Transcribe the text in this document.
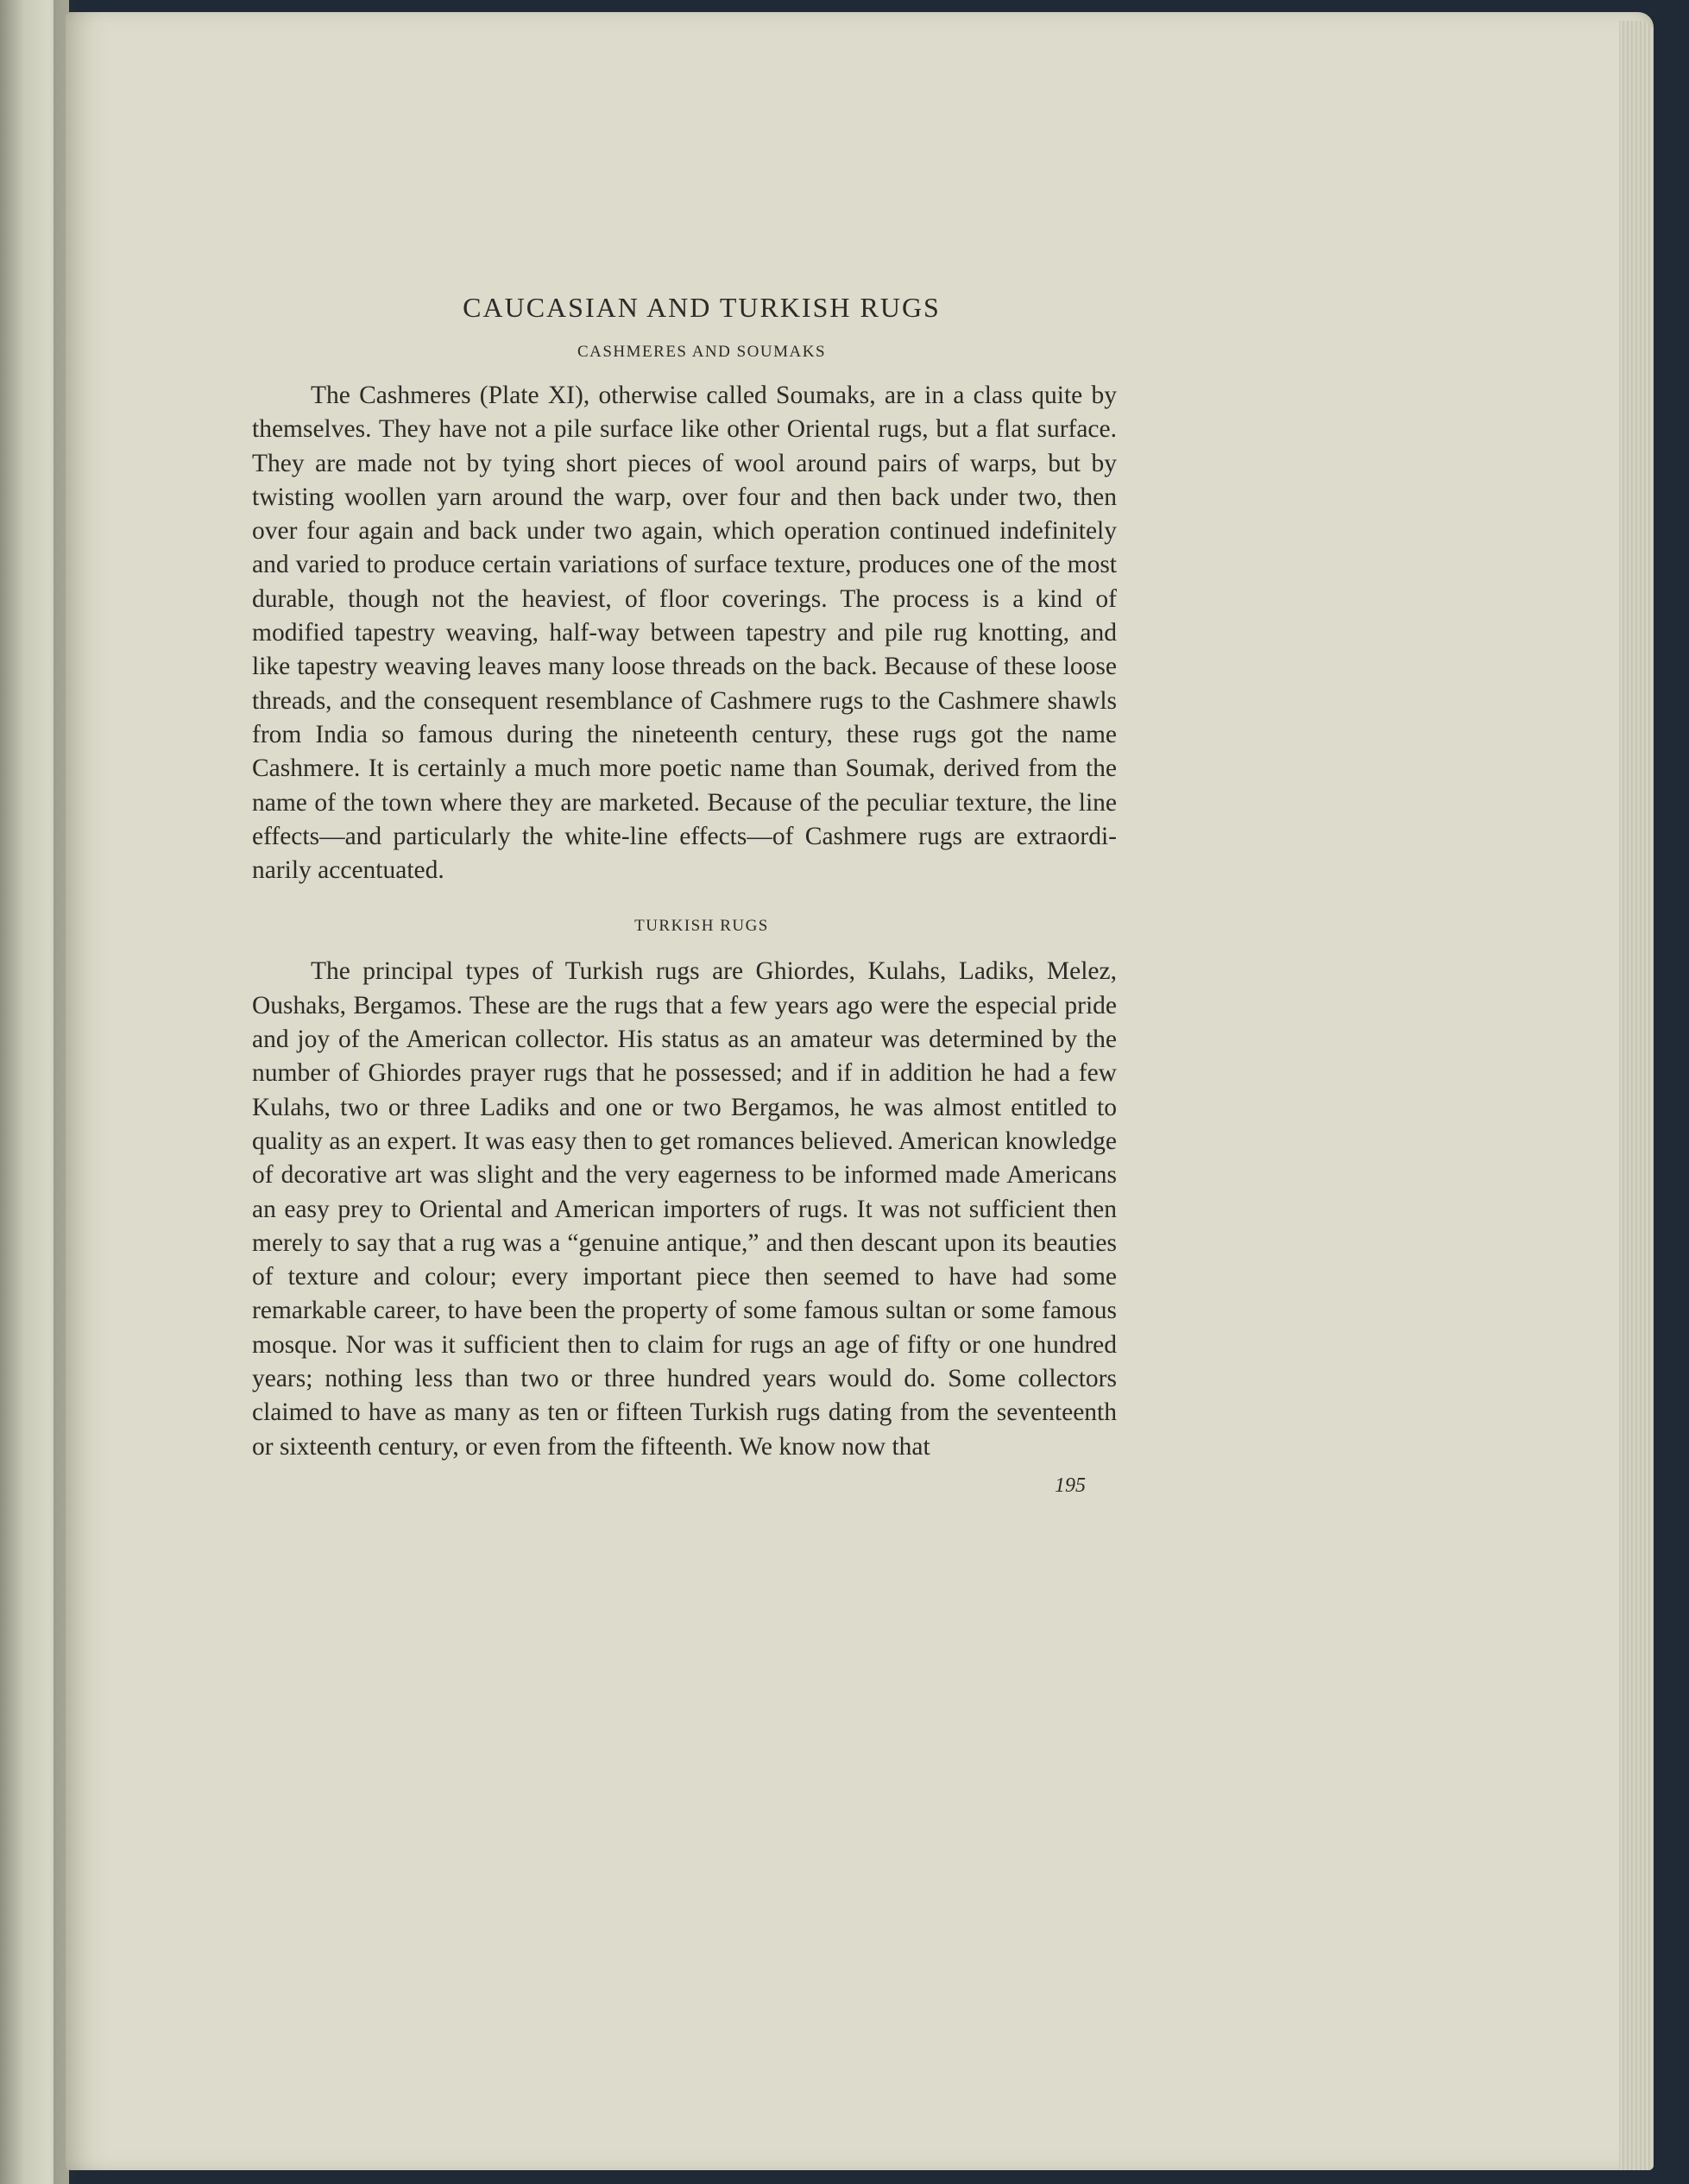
CAUCASIAN AND TURKISH RUGS
CASHMERES AND SOUMAKS

The Cashmeres (Plate XI), otherwise called Soumaks, are in a class quite by themselves. They have not a pile surface like other Oriental rugs, but a flat surface. They are made not by tying short pieces of wool around pairs of warps, but by twisting woollen yarn around the warp, over four and then back under two, then over four again and back under two again, which operation continued indefinitely and varied to produce certain variations of surface texture, produces one of the most durable, though not the heaviest, of floor coverings. The process is a kind of modified tapestry weaving, half-way between tapestry and pile rug knotting, and like tapestry weaving leaves many loose threads on the back. Because of these loose threads, and the consequent resemblance of Cashmere rugs to the Cashmere shawls from India so famous during the nineteenth century, these rugs got the name Cashmere. It is certainly a much more poetic name than Soumak, derived from the name of the town where they are marketed. Because of the peculiar texture, the line effects—and particularly the white-line effects—of Cashmere rugs are extraordinarily accentuated.

TURKISH RUGS

The principal types of Turkish rugs are Ghiordes, Kulahs, Ladiks, Melez, Oushaks, Bergamos. These are the rugs that a few years ago were the especial pride and joy of the American collector. His status as an amateur was determined by the number of Ghiordes prayer rugs that he possessed; and if in addition he had a few Kulahs, two or three Ladiks and one or two Bergamos, he was almost entitled to quality as an expert. It was easy then to get romances believed. American knowledge of decorative art was slight and the very eagerness to be informed made Americans an easy prey to Oriental and American importers of rugs. It was not sufficient then merely to say that a rug was a “genuine antique,” and then descant upon its beauties of texture and colour; every important piece then seemed to have had some remarkable career, to have been the property of some famous sultan or some famous mosque. Nor was it sufficient then to claim for rugs an age of fifty or one hundred years; nothing less than two or three hundred years would do. Some collectors claimed to have as many as ten or fifteen Turkish rugs dating from the seventeenth or sixteenth century, or even from the fifteenth. We know now that

195
